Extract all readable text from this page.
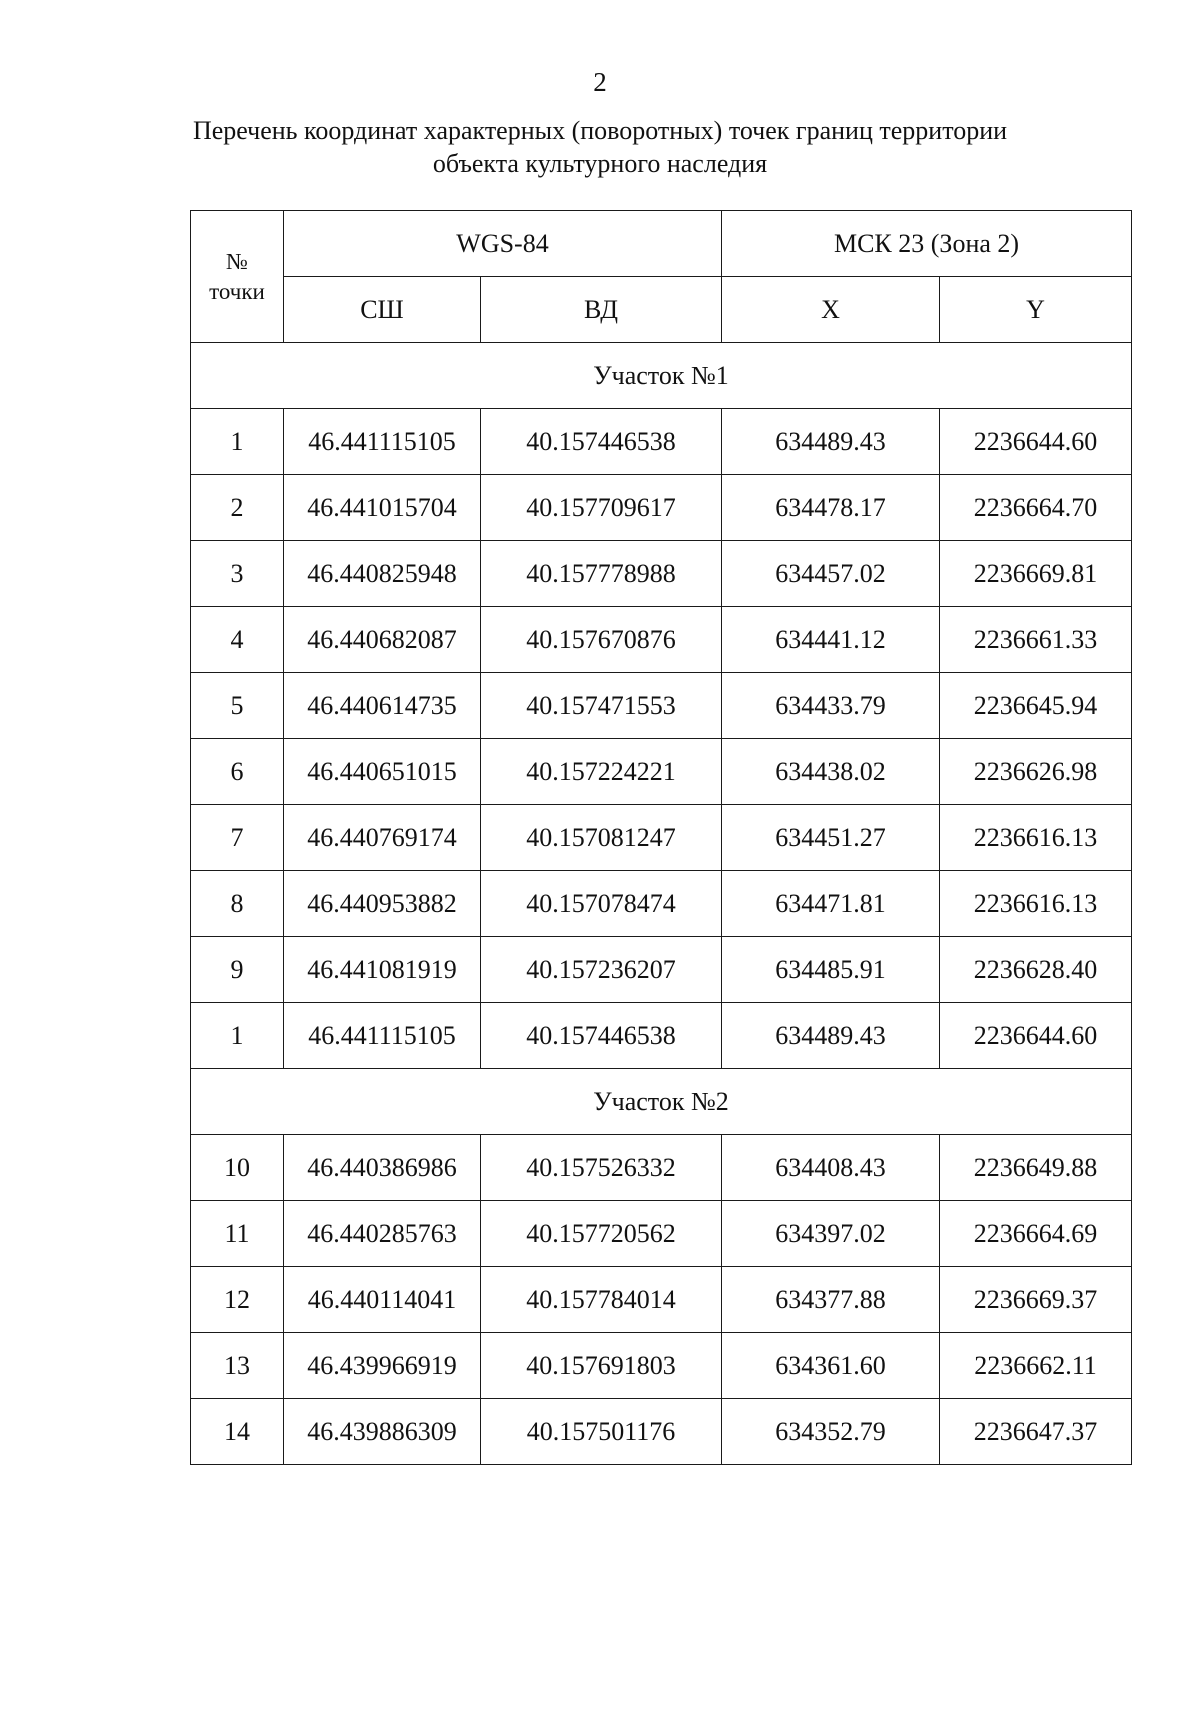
2
Перечень координат характерных (поворотных) точек границ территории
объекта культурного наследия
№
точки	WGS-84		МСК 23 (Зона 2)	
	СШ	ВД	X	Y
Участок №1				
1	46.441115105	40.157446538	634489.43	2236644.60
2	46.441015704	40.157709617	634478.17	2236664.70
3	46.440825948	40.157778988	634457.02	2236669.81
4	46.440682087	40.157670876	634441.12	2236661.33
5	46.440614735	40.157471553	634433.79	2236645.94
6	46.440651015	40.157224221	634438.02	2236626.98
7	46.440769174	40.157081247	634451.27	2236616.13
8	46.440953882	40.157078474	634471.81	2236616.13
9	46.441081919	40.157236207	634485.91	2236628.40
1	46.441115105	40.157446538	634489.43	2236644.60
Участок №2				
10	46.440386986	40.157526332	634408.43	2236649.88
11	46.440285763	40.157720562	634397.02	2236664.69
12	46.440114041	40.157784014	634377.88	2236669.37
13	46.439966919	40.157691803	634361.60	2236662.11
14	46.439886309	40.157501176	634352.79	2236647.37
